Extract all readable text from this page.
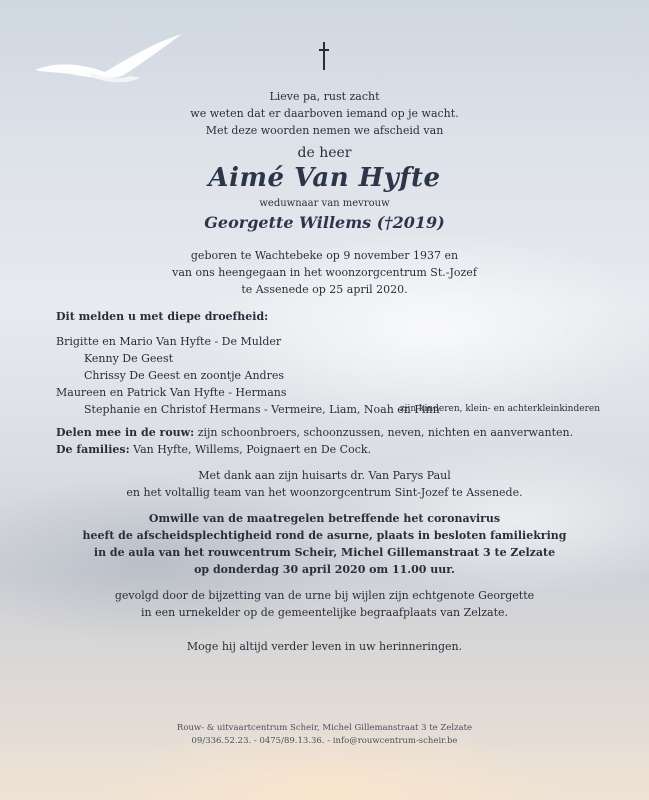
Lieve pa, rust zacht
we weten dat er daarboven iemand op je wacht.
Met deze woorden nemen we afscheid van
de heer
Aimé Van Hyfte
weduwnaar van mevrouw
Georgette Willems (†2019)
geboren te Wachtebeke op 9 november 1937 en
van ons heengegaan in het woonzorgcentrum St.-Jozef
te Assenede op 25 april 2020.
Dit melden u met diepe droefheid:
Brigitte en Mario Van Hyfte - De Mulder
Kenny De Geest
Chrissy De Geest en zoontje Andres
Maureen en Patrick Van Hyfte - Hermans
Stephanie en Christof Hermans - Vermeire, Liam, Noah en Finn
zijn kinderen, klein- en achterkleinkinderen
Delen mee in de rouw: zijn schoonbroers, schoonzussen, neven, nichten en aanverwanten.
De families: Van Hyfte, Willems, Poignaert en De Cock.
Met dank aan zijn huisarts dr. Van Parys Paul
en het voltallig team van het woonzorgcentrum Sint-Jozef te Assenede.
Omwille van de maatregelen betreffende het coronavirus
heeft de afscheidsplechtigheid rond de asurne, plaats in besloten familiekring
in de aula van het rouwcentrum Scheir, Michel Gillemanstraat 3 te Zelzate
op donderdag 30 april 2020 om 11.00 uur.
gevolgd door de bijzetting van de urne bij wijlen zijn echtgenote Georgette
in een urnekelder op de gemeentelijke begraafplaats van Zelzate.
Moge hij altijd verder leven in uw herinneringen.
Rouw- & uitvaartcentrum Scheir, Michel Gillemanstraat 3 te Zelzate
09/336.52.23. - 0475/89.13.36. - info@rouwcentrum-scheir.be
